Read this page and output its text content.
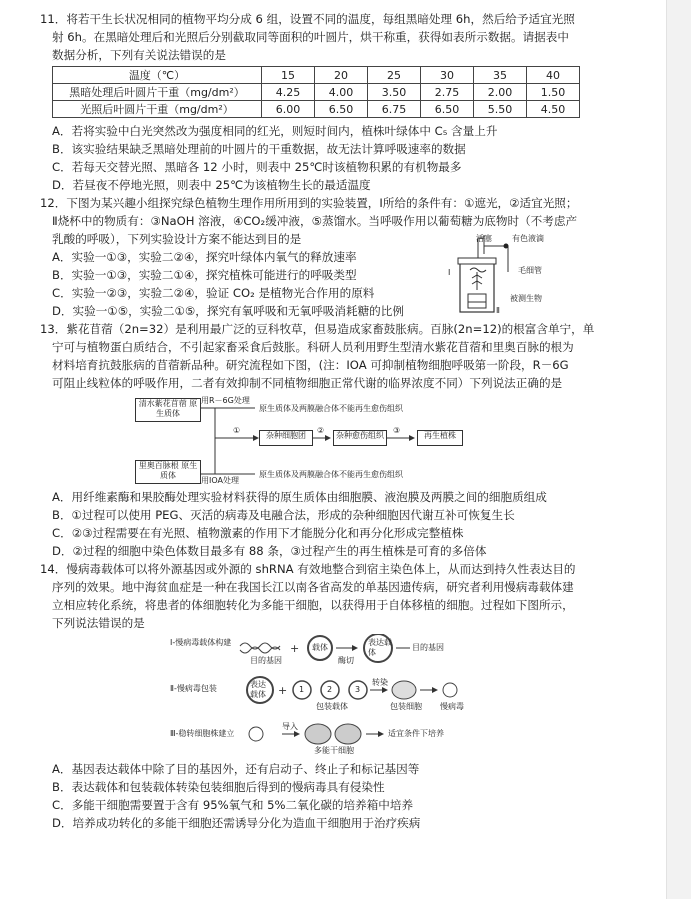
11．将若干生长状况相同的植物平均分成 6 组，设置不同的温度，每组黑暗处理 6h，然后给予适宜光照
射 6h。在黑暗处理后和光照后分别截取同等面积的叶圆片，烘干称重，获得如表所示数据。请据表中
数据分析，下列有关说法错误的是
温度（℃）	15	20	25	30	35	40
黑暗处理后叶圆片干重（mg/dm²）	4.25	4.00	3.50	2.75	2.00	1.50
光照后叶圆片干重（mg/dm²）	6.00	6.50	6.75	6.50	5.50	4.50
A．若将实验中白光突然改为强度相同的红光，则短时间内，植株叶绿体中 C₅ 含量上升
B．该实验结果缺乏黑暗处理前的叶圆片的干重数据，故无法计算呼吸速率的数据
C．若每天交替光照、黑暗各 12 小时，则表中 25℃时该植物积累的有机物最多
D．若昼夜不停地光照，则表中 25℃为该植物生长的最适温度
12．下图为某兴趣小组探究绿色植物生理作用所用到的实验装置，Ⅰ所给的条件有：①遮光，②适宜光照；
Ⅱ烧杯中的物质有：③NaOH 溶液，④CO₂缓冲液，⑤蒸馏水。当呼吸作用以葡萄糖为底物时（不考虑产
乳酸的呼吸），下列实验设计方案不能达到目的是
A．实验一①③，实验二②④，探究叶绿体内氧气的释放速率
B．实验一①③，实验二①④，探究植株可能进行的呼吸类型
C．实验一②③，实验二②④，验证 CO₂ 是植物光合作用的原料
D．实验一①⑤，实验二①⑤，探究有氧呼吸和无氧呼吸消耗糖的比例
活塞	有色液滴
毛细管
被测生物
Ⅰ
Ⅱ
13．紫花苜蓿（2n=32）是利用最广泛的豆科牧草，但易造成家畜鼓胀病。百脉(2n=12)的根富含单宁，单
宁可与植物蛋白质结合，不引起家畜采食后鼓胀。科研人员利用野生型清水紫花苜蓿和里奥百脉的根为
材料培育抗鼓胀病的苜蓿新品种。研究流程如下图，(注：IOA 可抑制植物细胞呼吸第一阶段，R－6G
可阻止线粒体的呼吸作用，二者有效抑制不同植物细胞正常代谢的临界浓度不同）下列说法正确的是
清水紫花苜蓿 原生质体
里奥百脉根 原生质体
用R－6G处理
用IOA处理
原生质体及两膜融合体不能再生愈伤组织
原生质体及两膜融合体不能再生愈伤组织
①
杂种细胞团
②
杂种愈伤组织
③
再生植株
A．用纤维素酶和果胶酶处理实验材料获得的原生质体由细胞膜、液泡膜及两膜之间的细胞质组成
B．①过程可以使用 PEG、灭活的病毒及电融合法，形成的杂种细胞因代谢互补可恢复生长
C．②③过程需要在有光照、植物激素的作用下才能脱分化和再分化形成完整植株
D．②过程的细胞中染色体数目最多有 88 条，③过程产生的再生植株是可育的多倍体
14．慢病毒载体可以将外源基因或外源的 shRNA 有效地整合到宿主染色体上，从而达到持久性表达目的
序列的效果。地中海贫血症是一种在我国长江以南各省高发的单基因遗传病，研究者利用慢病毒载体建
立相应转化系统，将患者的体细胞转化为多能干细胞，以获得用于自体移植的细胞。过程如下图所示，
下列说法错误的是
+
+
Ⅰ-慢病毒载体构建
Ⅱ-慢病毒包装
Ⅲ-稳转细胞株建立
目的基因
载体
酶切
表达载体
目的基因
表达载体
1	2	3
包装载体
转染
包装细胞 慢病毒
导入
多能干细胞
适宜条件下培养
A．基因表达载体中除了目的基因外，还有启动子、终止子和标记基因等
B．表达载体和包装载体转染包装细胞后得到的慢病毒具有侵染性
C．多能干细胞需要置于含有 95%氧气和 5%二氧化碳的培养箱中培养
D．培养成功转化的多能干细胞还需诱导分化为造血干细胞用于治疗疾病
